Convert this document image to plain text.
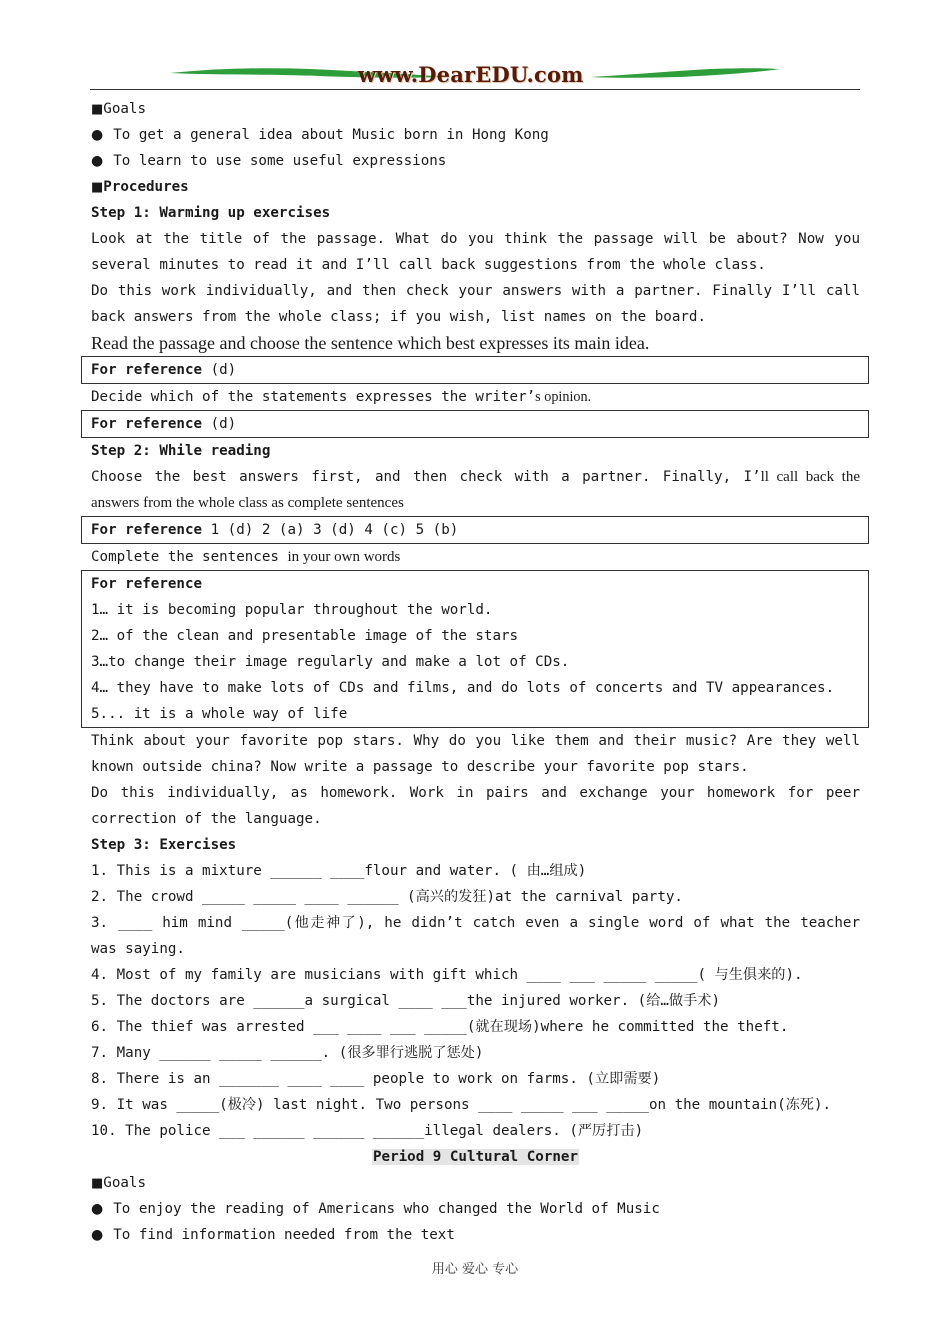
www.DearEDU.com
■Goals
● To get a general idea about Music born in Hong Kong
● To learn to use some useful expressions
■Procedures
Step 1: Warming up exercises
Look at the title of the passage. What do you think the passage will be about? Now you
several minutes to read it and I’ll call back suggestions from the whole class.
Do this work individually, and then check your answers with a partner. Finally I’ll call
back answers from the whole class; if you wish, list names on the board.
Read the passage and choose the sentence which best expresses its main idea.
For reference (d)
Decide which of the statements expresses the writer’s opinion.
For reference (d)
Step 2: While reading
Choose the best answers first, and then check with a partner. Finally, I’ll call back the
answers from the whole class as complete sentences
For reference 1 (d) 2 (a) 3 (d) 4 (c) 5 (b)
Complete the sentences in your own words
For reference
1… it is becoming popular throughout the world.
2… of the clean and presentable image of the stars
3…to change their image regularly and make a lot of CDs.
4… they have to make lots of CDs and films, and do lots of concerts and TV appearances.
5... it is a whole way of life
Think about your favorite pop stars. Why do you like them and their music? Are they well
known outside china? Now write a passage to describe your favorite pop stars.
Do this individually, as homework. Work in pairs and exchange your homework for peer
correction of the language.
Step 3: Exercises
1. This is a mixture ______ ____flour and water. ( 由…组成)
2. The crowd _____ _____ ____ ______ (高兴的发狂)at the carnival party.
3. ____ him mind _____(他走神了), he didn’t catch even a single word of what the teacher
was saying.
4. Most of my family are musicians with gift which ____ ___ _____ _____( 与生俱来的).
5. The doctors are ______a surgical ____ ___the injured worker. (给…做手术)
6. The thief was arrested ___ ____ ___ _____(就在现场)where he committed the theft.
7. Many ______ _____ ______. (很多罪行逃脱了惩处)
8. There is an _______ ____ ____ people to work on farms. (立即需要)
9. It was _____(极冷) last night. Two persons ____ _____ ___ _____on the mountain(冻死).
10. The police ___ ______ ______ ______illegal dealers. (严厉打击)
Period 9 Cultural Corner
■Goals
● To enjoy the reading of Americans who changed the World of Music
● To find information needed from the text
用心 爱心 专心
